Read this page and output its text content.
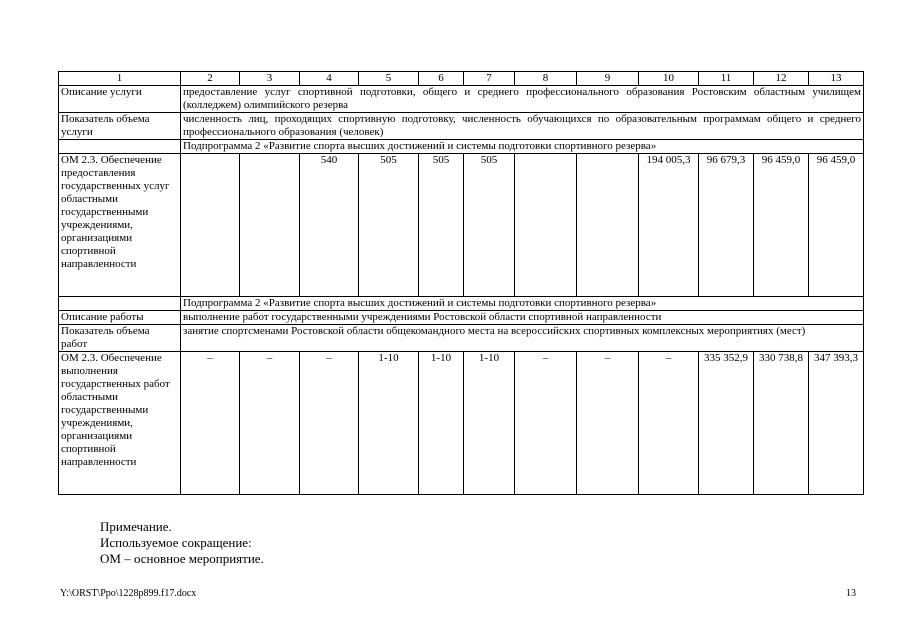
1	2	3	4	5	6	7	8	9	10	11	12	13
Описание услуги	предоставление услуг спортивной подготовки, общего и среднего профессионального образования Ростовским областным училищем (колледжем) олимпийского резерва											
Показатель объема услуги	численность лиц, проходящих спортивную подготовку, численность обучающихся по образовательным программам общего и среднего профессионального образования (человек)											
	Подпрограмма 2 «Развитие спорта высших достижений и системы подготовки спортивного резерва»											
ОМ 2.3. Обеспечение предоставления государственных услуг областными государственными учреждениями, организациями спортивной направленности			540	505	505	505			194 005,3	96 679,3	96 459,0	96 459,0
	Подпрограмма 2 «Развитие спорта высших достижений и системы подготовки спортивного резерва»											
Описание работы	выполнение работ государственными учреждениями Ростовской области спортивной направленности											
Показатель объема работ	занятие спортсменами Ростовской области общекомандного места на всероссийских спортивных комплексных мероприятиях (мест)											
ОМ 2.3. Обеспечение выполнения государственных работ областными государственными учреждениями, организациями спортивной направленности	–	–	–	1-10	1-10	1-10	–	–	–	335 352,9	330 738,8	347 393,3
Примечание.
Используемое сокращение:
ОМ – основное мероприятие.
Y:\ORST\Ppo\1228p899.f17.docx	13
